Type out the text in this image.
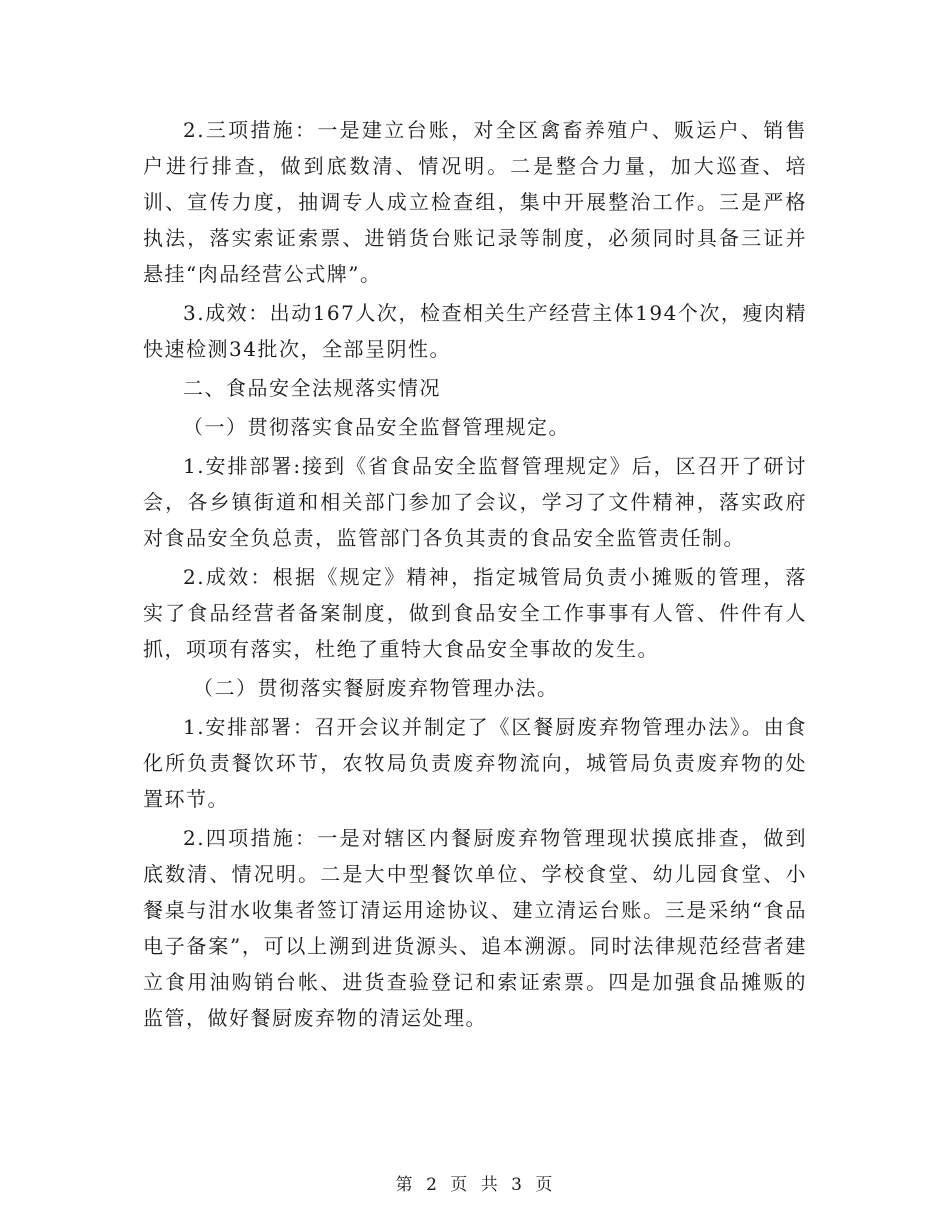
2.三项措施：一是建立台账，对全区禽畜养殖户、贩运户、销售户进行排查，做到底数清、情况明。二是整合力量，加大巡查、培训、宣传力度，抽调专人成立检查组，集中开展整治工作。三是严格执法，落实索证索票、进销货台账记录等制度，必须同时具备三证并悬挂“肉品经营公式牌”。

3.成效：出动167人次，检查相关生产经营主体194个次，瘦肉精快速检测34批次，全部呈阴性。

二、食品安全法规落实情况

（一）贯彻落实食品安全监督管理规定。

1.安排部署:接到《省食品安全监督管理规定》后，区召开了研讨会，各乡镇街道和相关部门参加了会议，学习了文件精神，落实政府对食品安全负总责，监管部门各负其责的食品安全监管责任制。

2.成效：根据《规定》精神，指定城管局负责小摊贩的管理，落实了食品经营者备案制度，做到食品安全工作事事有人管、件件有人抓，项项有落实，杜绝了重特大食品安全事故的发生。

（二）贯彻落实餐厨废弃物管理办法。

1.安排部署：召开会议并制定了《区餐厨废弃物管理办法》。由食化所负责餐饮环节，农牧局负责废弃物流向，城管局负责废弃物的处置环节。

2.四项措施：一是对辖区内餐厨废弃物管理现状摸底排查，做到底数清、情况明。二是大中型餐饮单位、学校食堂、幼儿园食堂、小餐桌与泔水收集者签订清运用途协议、建立清运台账。三是采纳“食品电子备案”，可以上溯到进货源头、追本溯源。同时法律规范经营者建立食用油购销台帐、进货查验登记和索证索票。四是加强食品摊贩的监管，做好餐厨废弃物的清运处理。

第 2 页 共 3 页
